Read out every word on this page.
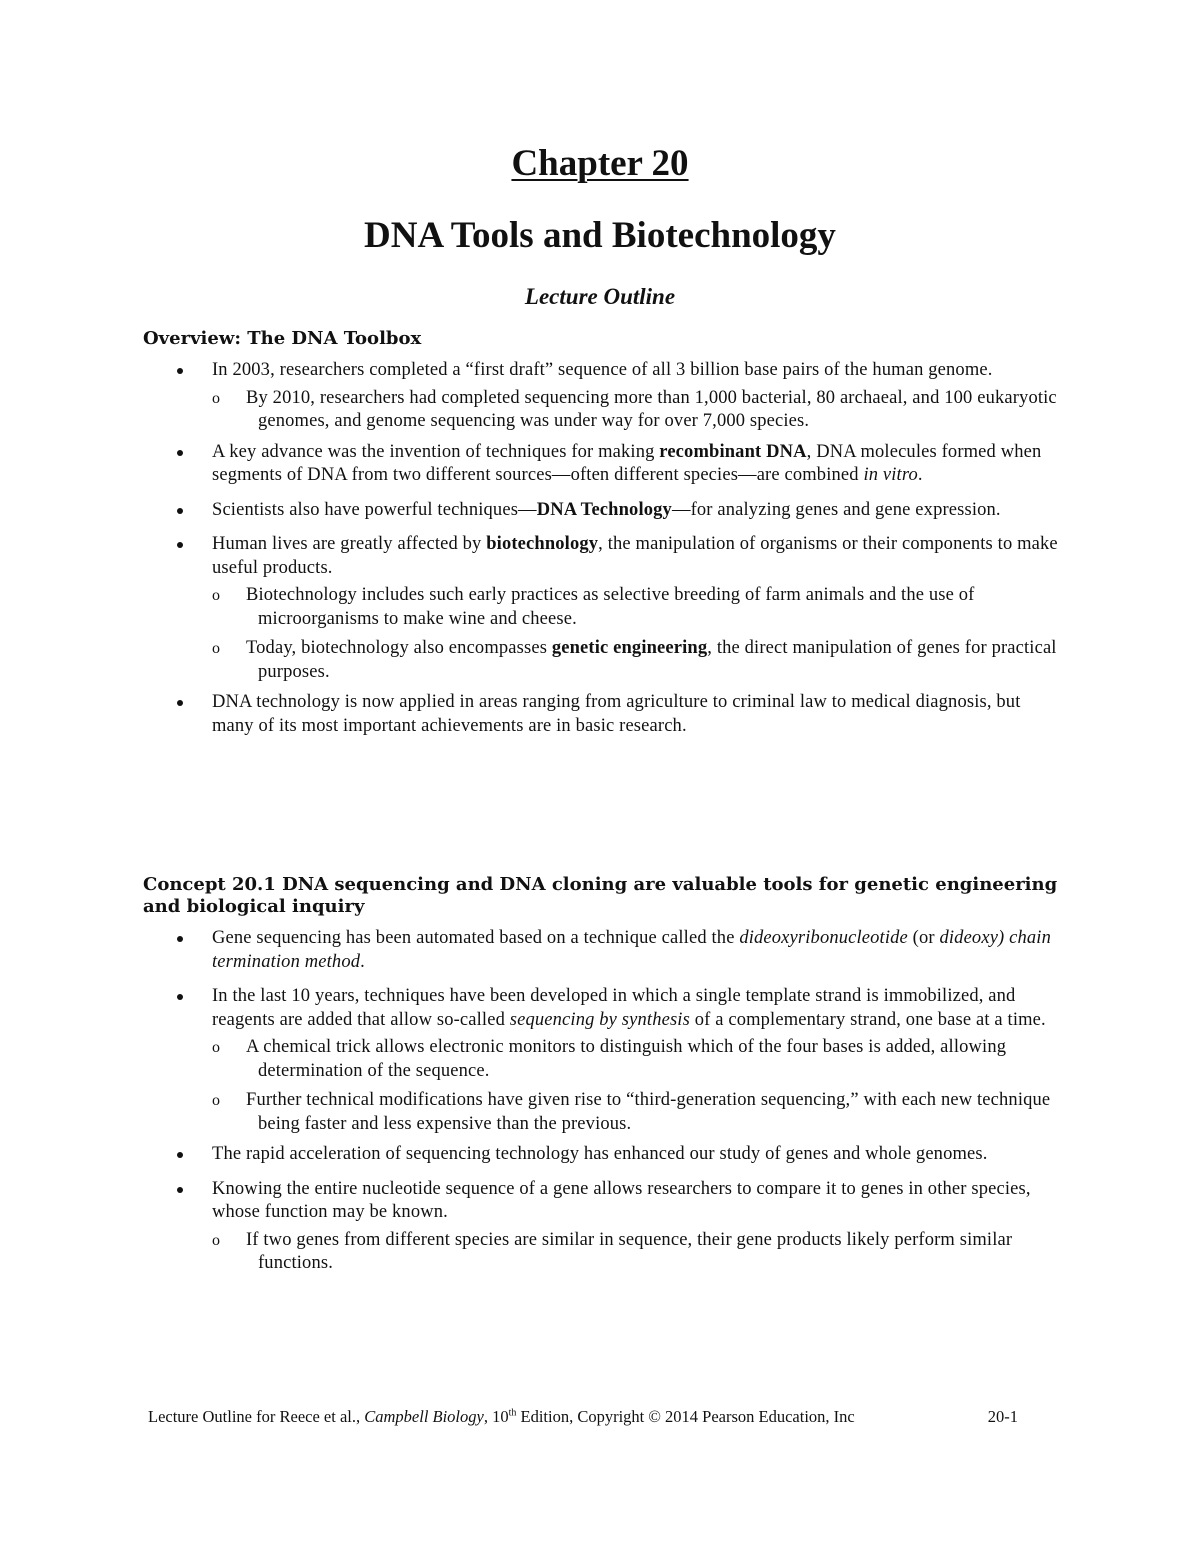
Chapter 20
DNA Tools and Biotechnology
Lecture Outline
Overview: The DNA Toolbox
In 2003, researchers completed a “first draft” sequence of all 3 billion base pairs of the human genome.
o By 2010, researchers had completed sequencing more than 1,000 bacterial, 80 archaeal, and 100 eukaryotic genomes, and genome sequencing was under way for over 7,000 species.
A key advance was the invention of techniques for making recombinant DNA, DNA molecules formed when segments of DNA from two different sources—often different species—are combined in vitro.
Scientists also have powerful techniques—DNA Technology—for analyzing genes and gene expression.
Human lives are greatly affected by biotechnology, the manipulation of organisms or their components to make useful products.
o Biotechnology includes such early practices as selective breeding of farm animals and the use of microorganisms to make wine and cheese.
o Today, biotechnology also encompasses genetic engineering, the direct manipulation of genes for practical purposes.
DNA technology is now applied in areas ranging from agriculture to criminal law to medical diagnosis, but many of its most important achievements are in basic research.
Concept 20.1 DNA sequencing and DNA cloning are valuable tools for genetic engineering and biological inquiry
Gene sequencing has been automated based on a technique called the dideoxyribonucleotide (or dideoxy) chain termination method.
In the last 10 years, techniques have been developed in which a single template strand is immobilized, and reagents are added that allow so-called sequencing by synthesis of a complementary strand, one base at a time.
o A chemical trick allows electronic monitors to distinguish which of the four bases is added, allowing determination of the sequence.
o Further technical modifications have given rise to “third-generation sequencing,” with each new technique being faster and less expensive than the previous.
The rapid acceleration of sequencing technology has enhanced our study of genes and whole genomes.
Knowing the entire nucleotide sequence of a gene allows researchers to compare it to genes in other species, whose function may be known.
o If two genes from different species are similar in sequence, their gene products likely perform similar functions.
Lecture Outline for Reece et al., Campbell Biology, 10th Edition, Copyright © 2014 Pearson Education, Inc	20-1
